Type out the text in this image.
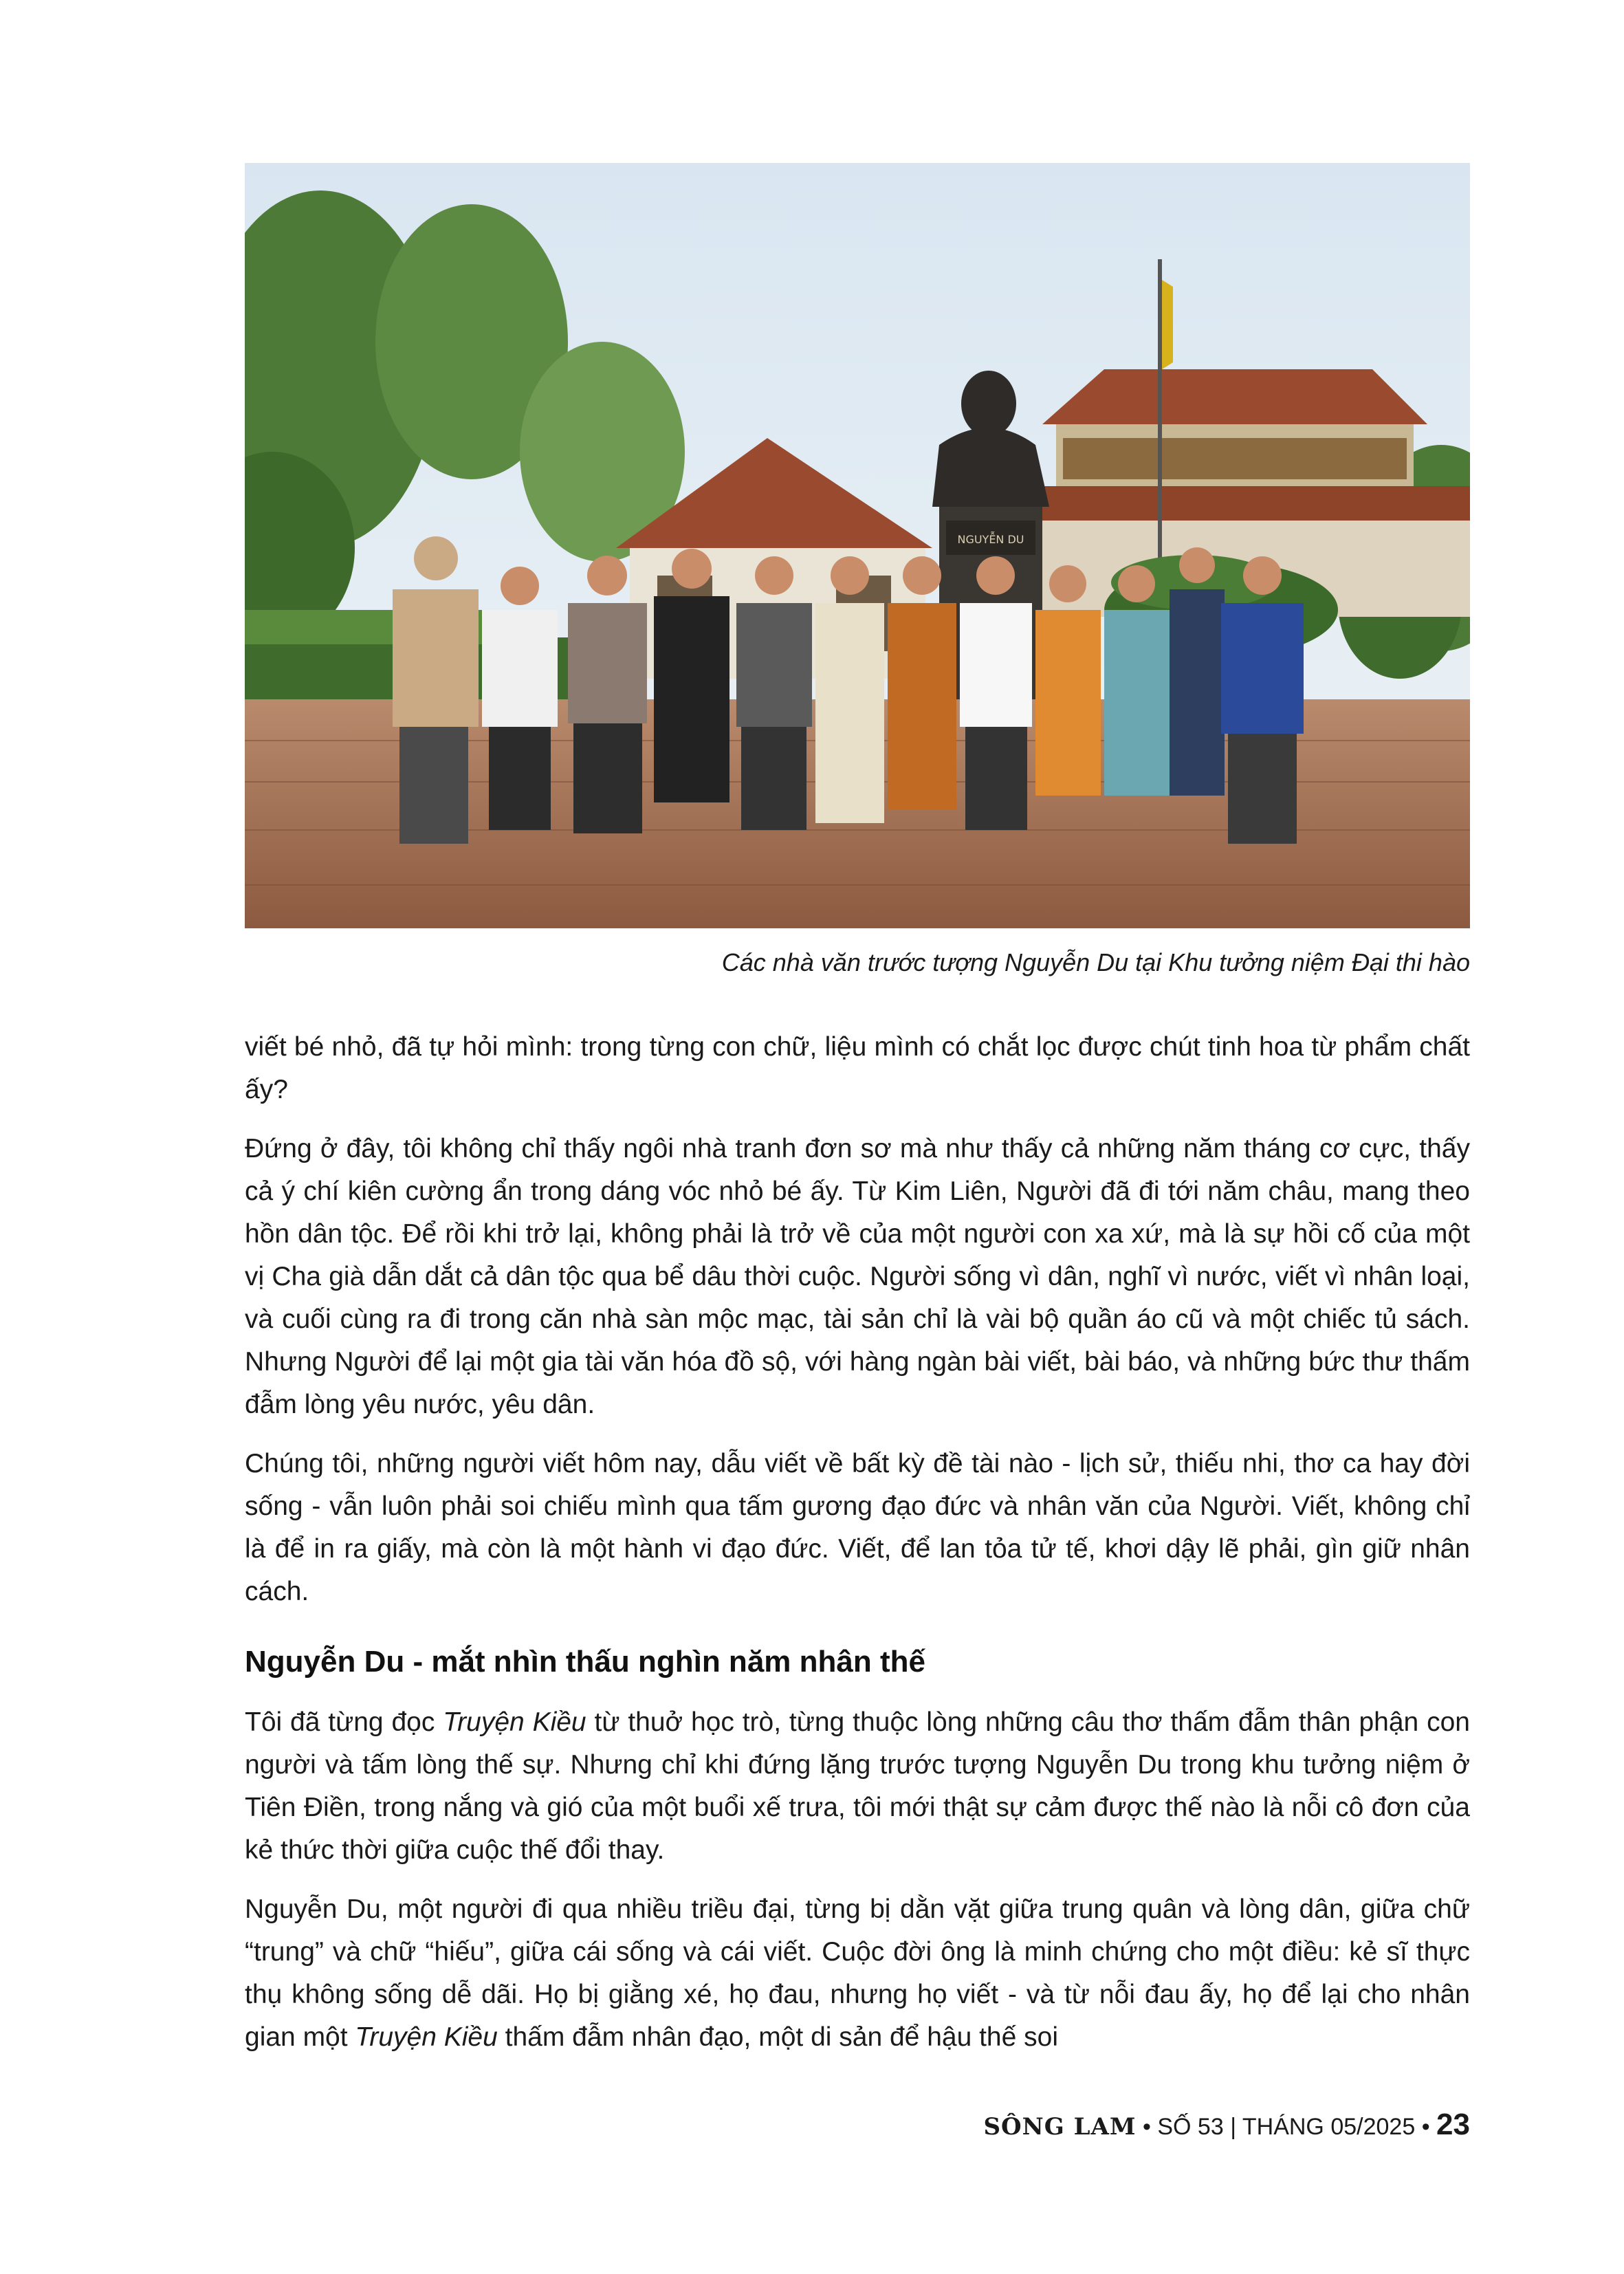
NGUYỄN DU
Các nhà văn trước tượng Nguyễn Du tại Khu tưởng niệm Đại thi hào

viết bé nhỏ, đã tự hỏi mình: trong từng con chữ, liệu mình có chắt lọc được chút tinh hoa từ phẩm chất ấy?

Đứng ở đây, tôi không chỉ thấy ngôi nhà tranh đơn sơ mà như thấy cả những năm tháng cơ cực, thấy cả ý chí kiên cường ẩn trong dáng vóc nhỏ bé ấy. Từ Kim Liên, Người đã đi tới năm châu, mang theo hồn dân tộc. Để rồi khi trở lại, không phải là trở về của một người con xa xứ, mà là sự hồi cố của một vị Cha già dẫn dắt cả dân tộc qua bể dâu thời cuộc. Người sống vì dân, nghĩ vì nước, viết vì nhân loại, và cuối cùng ra đi trong căn nhà sàn mộc mạc, tài sản chỉ là vài bộ quần áo cũ và một chiếc tủ sách. Nhưng Người để lại một gia tài văn hóa đồ sộ, với hàng ngàn bài viết, bài báo, và những bức thư thấm đẫm lòng yêu nước, yêu dân.

Chúng tôi, những người viết hôm nay, dẫu viết về bất kỳ đề tài nào - lịch sử, thiếu nhi, thơ ca hay đời sống - vẫn luôn phải soi chiếu mình qua tấm gương đạo đức và nhân văn của Người. Viết, không chỉ là để in ra giấy, mà còn là một hành vi đạo đức. Viết, để lan tỏa tử tế, khơi dậy lẽ phải, gìn giữ nhân cách.

Nguyễn Du - mắt nhìn thấu nghìn năm nhân thế

Tôi đã từng đọc Truyện Kiều từ thuở học trò, từng thuộc lòng những câu thơ thấm đẫm thân phận con người và tấm lòng thế sự. Nhưng chỉ khi đứng lặng trước tượng Nguyễn Du trong khu tưởng niệm ở Tiên Điền, trong nắng và gió của một buổi xế trưa, tôi mới thật sự cảm được thế nào là nỗi cô đơn của kẻ thức thời giữa cuộc thế đổi thay.

Nguyễn Du, một người đi qua nhiều triều đại, từng bị dằn vặt giữa trung quân và lòng dân, giữa chữ “trung” và chữ “hiếu”, giữa cái sống và cái viết. Cuộc đời ông là minh chứng cho một điều: kẻ sĩ thực thụ không sống dễ dãi. Họ bị giằng xé, họ đau, nhưng họ viết - và từ nỗi đau ấy, họ để lại cho nhân gian một Truyện Kiều thấm đẫm nhân đạo, một di sản để hậu thế soi

SÔNG LAM • SỐ 53 | THÁNG 05/2025 • 23
